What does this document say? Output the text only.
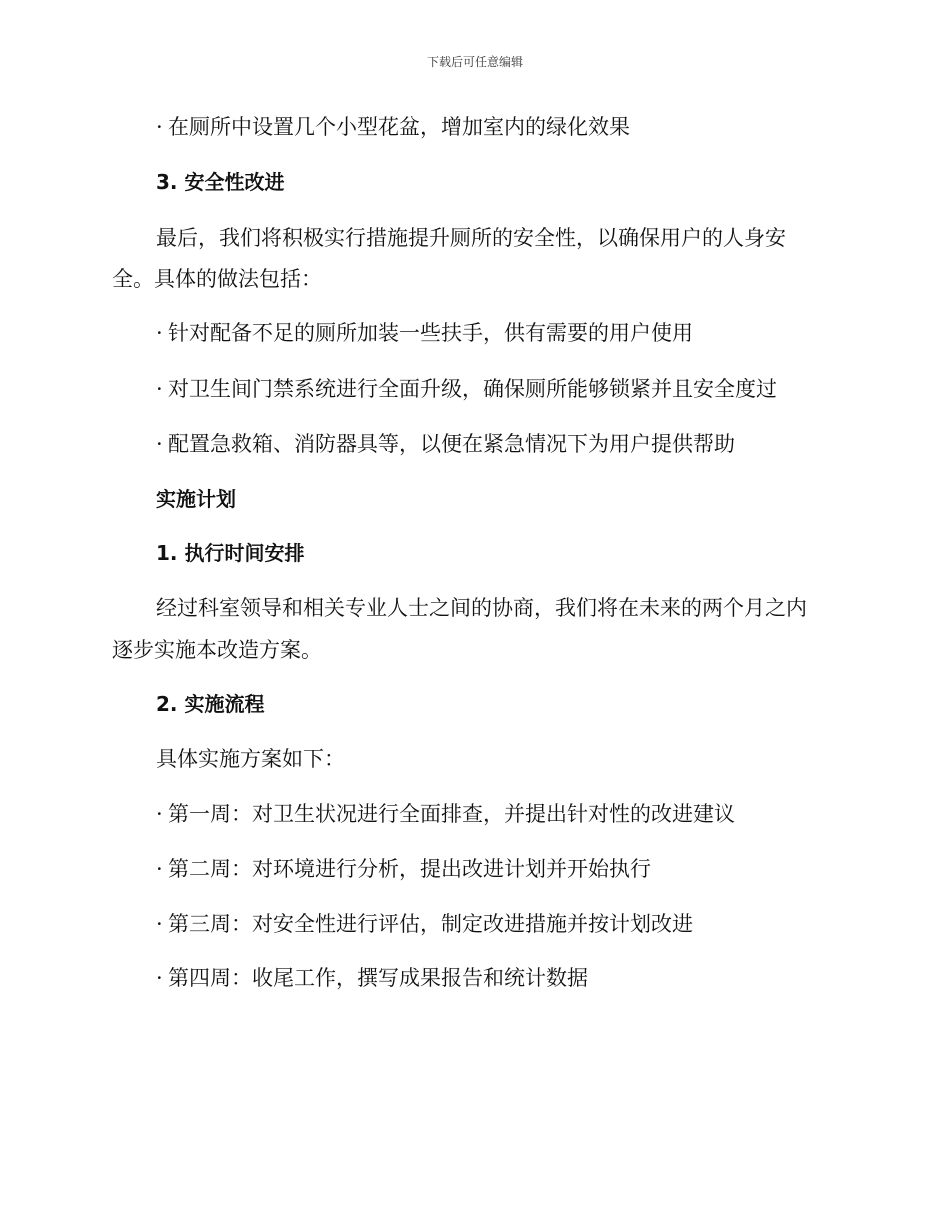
下载后可任意编辑
· 在厕所中设置几个小型花盆，增加室内的绿化效果
3. 安全性改进
最后，我们将积极实行措施提升厕所的安全性，以确保用户的人身安
全。具体的做法包括：
· 针对配备不足的厕所加装一些扶手，供有需要的用户使用
· 对卫生间门禁系统进行全面升级，确保厕所能够锁紧并且安全度过
· 配置急救箱、消防器具等，以便在紧急情况下为用户提供帮助
实施计划
1. 执行时间安排
经过科室领导和相关专业人士之间的协商，我们将在未来的两个月之内
逐步实施本改造方案。
2. 实施流程
具体实施方案如下：
· 第一周：对卫生状况进行全面排查，并提出针对性的改进建议
· 第二周：对环境进行分析，提出改进计划并开始执行
· 第三周：对安全性进行评估，制定改进措施并按计划改进
· 第四周：收尾工作，撰写成果报告和统计数据
